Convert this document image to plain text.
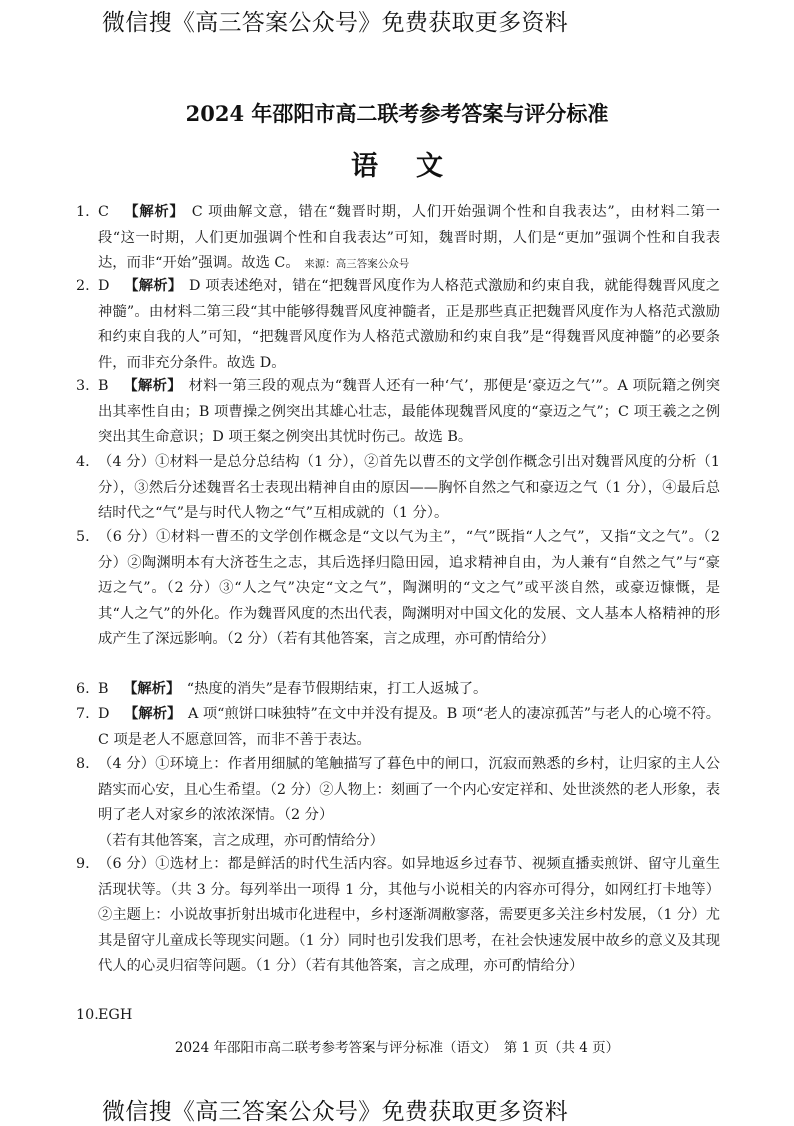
微信搜《高三答案公众号》免费获取更多资料
2024 年邵阳市高二联考参考答案与评分标准
语文
1. C 【解析】 C 项曲解文意，错在“魏晋时期，人们开始强调个性和自我表达”，由材料二第一段“这一时期，人们更加强调个性和自我表达”可知，魏晋时期，人们是“更加”强调个性和自我表达，而非“开始”强调。故选 C。 来源：高三答案公众号
2. D 【解析】 D 项表述绝对，错在“把魏晋风度作为人格范式激励和约束自我，就能得魏晋风度之神髓”。由材料二第三段“其中能够得魏晋风度神髓者，正是那些真正把魏晋风度作为人格范式激励和约束自我的人”可知，“把魏晋风度作为人格范式激励和约束自我”是“得魏晋风度神髓”的必要条件，而非充分条件。故选 D。
3. B 【解析】 材料一第三段的观点为“魏晋人还有一种‘气’，那便是‘豪迈之气’”。A 项阮籍之例突出其率性自由；B 项曹操之例突出其雄心壮志，最能体现魏晋风度的“豪迈之气”；C 项王羲之之例突出其生命意识；D 项王粲之例突出其忧时伤己。故选 B。
4. （4 分）①材料一是总分总结构（1 分），②首先以曹丕的文学创作概念引出对魏晋风度的分析（1 分），③然后分述魏晋名士表现出精神自由的原因——胸怀自然之气和豪迈之气（1 分），④最后总结时代之“气”是与时代人物之“气”互相成就的（1 分）。
5. （6 分）①材料一曹丕的文学创作概念是“文以气为主”，“气”既指“人之气”，又指“文之气”。（2 分）②陶渊明本有大济苍生之志，其后选择归隐田园，追求精神自由，为人兼有“自然之气”与“豪迈之气”。（2 分）③“人之气”决定“文之气”，陶渊明的“文之气”或平淡自然，或豪迈慷慨，是其“人之气”的外化。作为魏晋风度的杰出代表，陶渊明对中国文化的发展、文人基本人格精神的形成产生了深远影响。（2 分）（若有其他答案，言之成理，亦可酌情给分）
6. B 【解析】 “热度的消失”是春节假期结束，打工人返城了。
7. D 【解析】 A 项“煎饼口味独特”在文中并没有提及。B 项“老人的凄凉孤苦”与老人的心境不符。C 项是老人不愿意回答，而非不善于表达。
8. （4 分）①环境上：作者用细腻的笔触描写了暮色中的闸口，沉寂而熟悉的乡村，让归家的主人公踏实而心安，且心生希望。（2 分）②人物上：刻画了一个内心安定祥和、处世淡然的老人形象，表明了老人对家乡的浓浓深情。（2 分）
（若有其他答案，言之成理，亦可酌情给分）
9. （6 分）①选材上：都是鲜活的时代生活内容。如异地返乡过春节、视频直播卖煎饼、留守儿童生活现状等。（共 3 分。每列举出一项得 1 分，其他与小说相关的内容亦可得分，如网红打卡地等）②主题上：小说故事折射出城市化进程中，乡村逐渐凋敝寥落，需要更多关注乡村发展，（1 分）尤其是留守儿童成长等现实问题。（1 分）同时也引发我们思考，在社会快速发展中故乡的意义及其现代人的心灵归宿等问题。（1 分）（若有其他答案，言之成理，亦可酌情给分）
10. EGH
2024 年邵阳市高二联考参考答案与评分标准（语文）　第 1 页（共 4 页）
微信搜《高三答案公众号》免费获取更多资料
